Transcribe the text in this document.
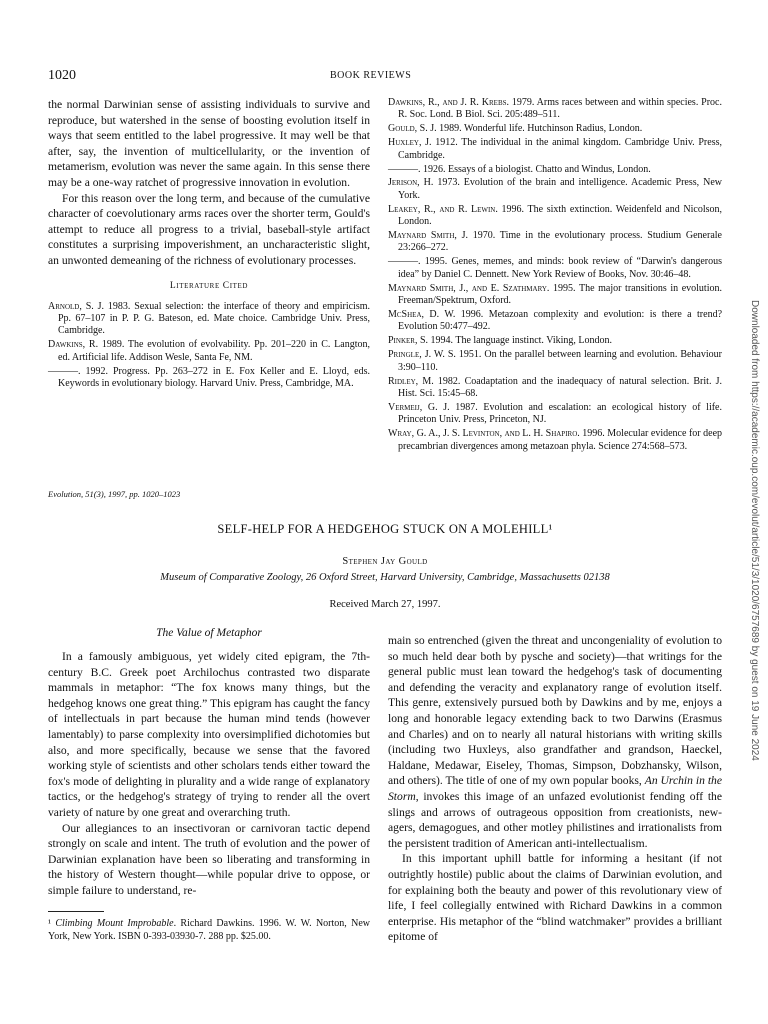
1020	BOOK REVIEWS

the normal Darwinian sense of assisting individuals to survive and reproduce, but watershed in the sense of boosting evolution itself in ways that seem entitled to the label progressive. It may well be that after, say, the invention of multicellularity, or the invention of metamerism, evolution was never the same again. In this sense there may be a one-way ratchet of progressive innovation in evolution.

For this reason over the long term, and because of the cumulative character of coevolutionary arms races over the shorter term, Gould's attempt to reduce all progress to a trivial, baseball-style artifact constitutes a surprising impoverishment, an uncharacteristic slight, an unwonted demeaning of the richness of evolutionary processes.

Literature Cited

Arnold, S. J. 1983. Sexual selection: the interface of theory and empiricism. Pp. 67–107 in P. P. G. Bateson, ed. Mate choice. Cambridge Univ. Press, Cambridge.

Dawkins, R. 1989. The evolution of evolvability. Pp. 201–220 in C. Langton, ed. Artificial life. Addison Wesle, Santa Fe, NM.

———. 1992. Progress. Pp. 263–272 in E. Fox Keller and E. Lloyd, eds. Keywords in evolutionary biology. Harvard Univ. Press, Cambridge, MA.

Dawkins, R., and J. R. Krebs. 1979. Arms races between and within species. Proc. R. Soc. Lond. B Biol. Sci. 205:489–511.

Gould, S. J. 1989. Wonderful life. Hutchinson Radius, London.

Huxley, J. 1912. The individual in the animal kingdom. Cambridge Univ. Press, Cambridge.

———. 1926. Essays of a biologist. Chatto and Windus, London.

Jerison, H. 1973. Evolution of the brain and intelligence. Academic Press, New York.

Leakey, R., and R. Lewin. 1996. The sixth extinction. Weidenfeld and Nicolson, London.

Maynard Smith, J. 1970. Time in the evolutionary process. Studium Generale 23:266–272.

———. 1995. Genes, memes, and minds: book review of “Darwin's dangerous idea” by Daniel C. Dennett. New York Review of Books, Nov. 30:46–48.

Maynard Smith, J., and E. Szathmary. 1995. The major transitions in evolution. Freeman/Spektrum, Oxford.

McShea, D. W. 1996. Metazoan complexity and evolution: is there a trend? Evolution 50:477–492.

Pinker, S. 1994. The language instinct. Viking, London.

Pringle, J. W. S. 1951. On the parallel between learning and evolution. Behaviour 3:90–110.

Ridley, M. 1982. Coadaptation and the inadequacy of natural selection. Brit. J. Hist. Sci. 15:45–68.

Vermeij, G. J. 1987. Evolution and escalation: an ecological history of life. Princeton Univ. Press, Princeton, NJ.

Wray, G. A., J. S. Levinton, and L. H. Shapiro. 1996. Molecular evidence for deep precambrian divergences among metazoan phyla. Science 274:568–573.

Evolution, 51(3), 1997, pp. 1020–1023
SELF-HELP FOR A HEDGEHOG STUCK ON A MOLEHILL¹
Stephen Jay Gould
Museum of Comparative Zoology, 26 Oxford Street, Harvard University, Cambridge, Massachusetts 02138
Received March 27, 1997.
The Value of Metaphor

In a famously ambiguous, yet widely cited epigram, the 7th-century B.C. Greek poet Archilochus contrasted two disparate mammals in metaphor: “The fox knows many things, but the hedgehog knows one great thing.” This epigram has caught the fancy of intellectuals in part because the human mind tends (however lamentably) to parse complexity into oversimplified dichotomies but also, and more specifically, because we sense that the favored working style of scientists and other scholars tends either toward the fox's mode of delighting in plurality and a wide range of explanatory tactics, or the hedgehog's strategy of trying to render all the overt variety of nature by one great and overarching truth.

Our allegiances to an insectivoran or carnivoran tactic depend strongly on scale and intent. The truth of evolution and the power of Darwinian explanation have been so liberating and transforming in the history of Western thought—while popular drive to oppose, or simple failure to understand, re-

main so entrenched (given the threat and uncongeniality of evolution to so much held dear both by pysche and society)—that writings for the general public must lean toward the hedgehog's task of documenting and defending the veracity and explanatory range of evolution itself. This genre, extensively pursued both by Dawkins and by me, enjoys a long and honorable legacy extending back to two Darwins (Erasmus and Charles) and on to nearly all natural historians with writing skills (including two Huxleys, also grandfather and grandson, Haeckel, Haldane, Medawar, Eiseley, Thomas, Simpson, Dobzhansky, Wilson, and others). The title of one of my own popular books, An Urchin in the Storm, invokes this image of an unfazed evolutionist fending off the slings and arrows of outrageous opposition from creationists, new-agers, demagogues, and other motley philistines and irrationalists from the persistent tradition of American anti-intellectualism.

In this important uphill battle for informing a hesitant (if not outrightly hostile) public about the claims of Darwinian evolution, and for explaining both the beauty and power of this revolutionary view of life, I feel collegially entwined with Richard Dawkins in a common enterprise. His metaphor of the “blind watchmaker” provides a brilliant epitome of

¹ Climbing Mount Improbable. Richard Dawkins. 1996. W. W. Norton, New York, New York. ISBN 0-393-03930-7. 288 pp. $25.00.
Downloaded from https://academic.oup.com/evolut/article/51/3/1020/6757689 by guest on 19 June 2024
